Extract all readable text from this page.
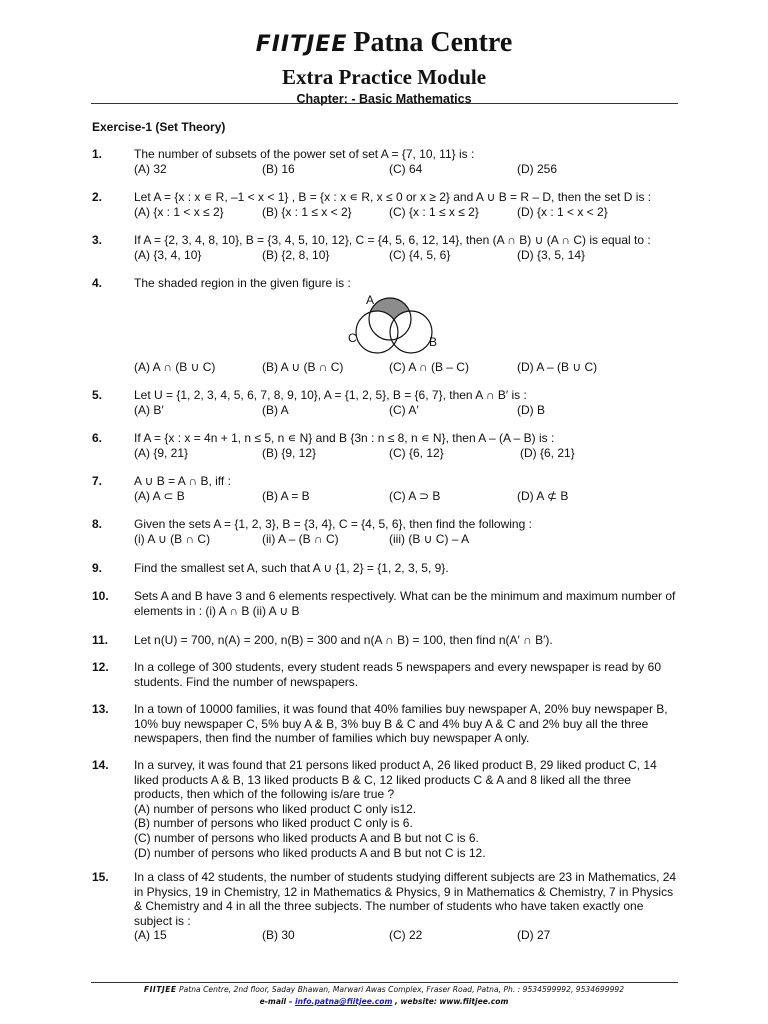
FIITJEE Patna Centre
Extra Practice Module
Chapter: - Basic Mathematics
Exercise-1 (Set Theory)
1.	The number of subsets of the power set of set A = {7, 10, 11} is :
(A) 32	(B) 16	(C) 64	(D) 256
2.	Let A = {x : x ∊ R, –1 < x < 1} , B = {x : x ∊ R, x ≤ 0 or x ≥ 2} and A ∪ B = R – D, then the set D is :
(A) {x : 1 < x ≤ 2}	(B) {x : 1 ≤ x < 2}	(C) {x : 1 ≤ x ≤ 2}	(D) {x : 1 < x < 2}
3.	If A = {2, 3, 4, 8, 10}, B = {3, 4, 5, 10, 12}, C = {4, 5, 6, 12, 14}, then (A ∩ B) ∪ (A ∩ C) is equal to :
(A) {3, 4, 10}	(B) {2, 8, 10}	(C) {4, 5, 6}	(D) {3, 5, 14}
4.	The shaded region in the given figure is :
A
C	B
(A) A ∩ (B ∪ C)	(B) A ∪ (B ∩ C)	(C) A ∩ (B – C)	(D) A – (B ∪ C)
5.	Let U = {1, 2, 3, 4, 5, 6, 7, 8, 9, 10}, A = {1, 2, 5}, B = {6, 7}, then A ∩ B′ is :
(A) B′	(B) A	(C) A′	(D) B
6.	If A = {x : x = 4n + 1, n ≤ 5, n ∊ N} and B {3n : n ≤ 8, n ∊ N}, then A – (A – B) is :
(A) {9, 21}	(B) {9, 12}	(C) {6, 12}	(D) {6, 21}
7.	A ∪ B = A ∩ B, iff :
(A) A ⊂ B	(B) A = B	(C) A ⊃ B	(D) A ⊄ B
8.	Given the sets A = {1, 2, 3}, B = {3, 4}, C = {4, 5, 6}, then find the following :
(i) A ∪ (B ∩ C)	(ii) A – (B ∩ C)	(iii) (B ∪ C) – A
9.	Find the smallest set A, such that A ∪ {1, 2} = {1, 2, 3, 5, 9}.
10. Sets A and B have 3 and 6 elements respectively. What can be the minimum and maximum number of
elements in : (i) A ∩ B (ii) A ∪ B
11. Let n(U) = 700, n(A) = 200, n(B) = 300 and n(A ∩ B) = 100, then find n(A′ ∩ B′).
12. In a college of 300 students, every student reads 5 newspapers and every newspaper is read by 60
students. Find the number of newspapers.
13. In a town of 10000 families, it was found that 40% families buy newspaper A, 20% buy newspaper B,
10% buy newspaper C, 5% buy A & B, 3% buy B & C and 4% buy A & C and 2% buy all the three
newspapers, then find the number of families which buy newspaper A only.
14. In a survey, it was found that 21 persons liked product A, 26 liked product B, 29 liked product C, 14
liked products A & B, 13 liked products B & C, 12 liked products C & A and 8 liked all the three
products, then which of the following is/are true ?
(A) number of persons who liked product C only is12.
(B) number of persons who liked product C only is 6.
(C) number of persons who liked products A and B but not C is 6.
(D) number of persons who liked products A and B but not C is 12.
15. In a class of 42 students, the number of students studying different subjects are 23 in Mathematics, 24
in Physics, 19 in Chemistry, 12 in Mathematics & Physics, 9 in Mathematics & Chemistry, 7 in Physics
& Chemistry and 4 in all the three subjects. The number of students who have taken exactly one
subject is :
(A) 15	(B) 30	(C) 22	(D) 27
FIITJEE Patna Centre, 2nd floor, Saday Bhawan, Marwari Awas Complex, Fraser Road, Patna, Ph. : 9534599992, 9534699992
e-mail – info.patna@fiitjee.com , website: www.fiitjee.com
